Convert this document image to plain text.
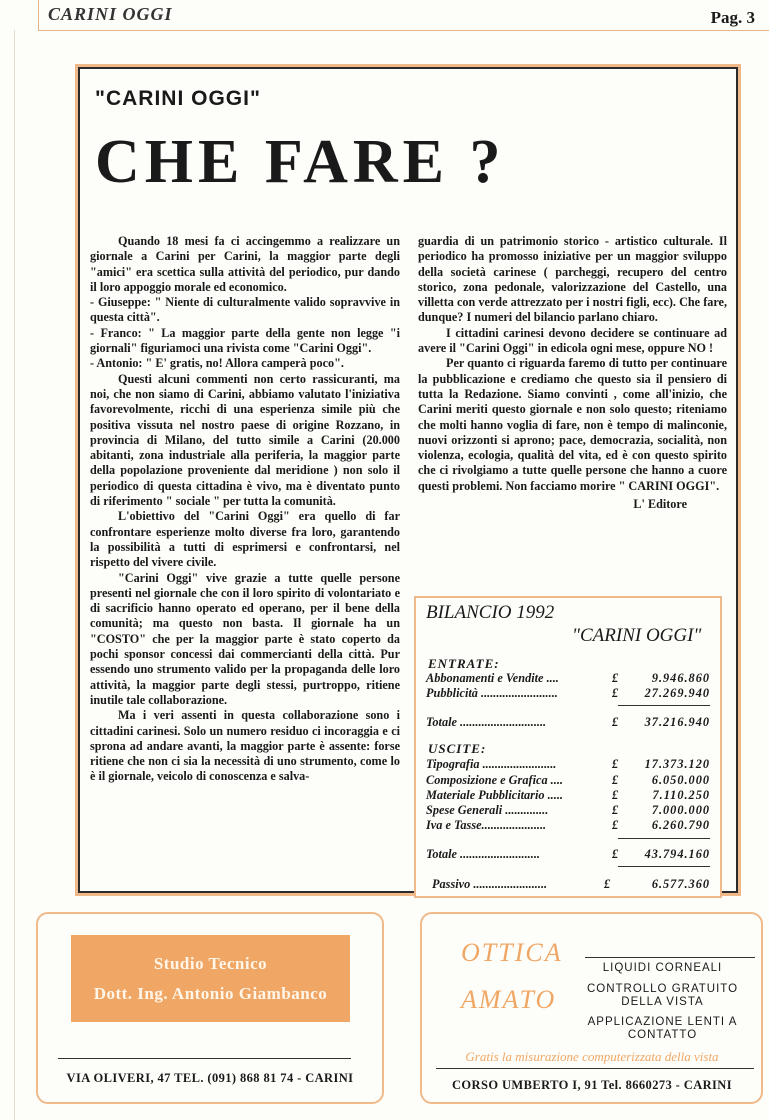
CARINI OGGI	Pag. 3
"CARINI OGGI"
CHE FARE ?

Quando 18 mesi fa ci accingemmo a realizzare un giornale a Carini per Carini, la maggior parte degli "amici" era scettica sulla attività del periodico, pur dando il loro appoggio morale ed economico.

- Giuseppe: " Niente di culturalmente valido sopravvive in questa città".

- Franco: " La maggior parte della gente non legge "i giornali" figuriamoci una rivista come "Carini Oggi".

- Antonio: " E' gratis, no! Allora camperà poco".

Questi alcuni commenti non certo rassicuranti, ma noi, che non siamo di Carini, abbiamo valutato l'iniziativa favorevolmente, ricchi di una esperienza simile più che positiva vissuta nel nostro paese di origine Rozzano, in provincia di Milano, del tutto simile a Carini (20.000 abitanti, zona industriale alla periferia, la maggior parte della popolazione proveniente dal meridione ) non solo il periodico di questa cittadina è vivo, ma è diventato punto di riferimento " sociale " per tutta la comunità.

L'obiettivo del "Carini Oggi" era quello di far confrontare esperienze molto diverse fra loro, garantendo la possibilità a tutti di esprimersi e confrontarsi, nel rispetto del vivere civile.

"Carini Oggi" vive grazie a tutte quelle persone presenti nel giornale che con il loro spirito di volontariato e di sacrificio hanno operato ed operano, per il bene della comunità; ma questo non basta. Il giornale ha un "COSTO" che per la maggior parte è stato coperto da pochi sponsor concessi dai commercianti della città. Pur essendo uno strumento valido per la propaganda delle loro attività, la maggior parte degli stessi, purtroppo, ritiene inutile tale collaborazione.

Ma i veri assenti in questa collaborazione sono i cittadini carinesi. Solo un numero residuo ci incoraggia e ci sprona ad andare avanti, la maggior parte è assente: forse ritiene che non ci sia la necessità di uno strumento, come lo è il giornale, veicolo di conoscenza e salva-

guardia di un patrimonio storico - artistico culturale. Il periodico ha promosso iniziative per un maggior sviluppo della società carinese ( parcheggi, recupero del centro storico, zona pedonale, valorizzazione del Castello, una villetta con verde attrezzato per i nostri figli, ecc). Che fare, dunque? I numeri del bilancio parlano chiaro.

I cittadini carinesi devono decidere se continuare ad avere il "Carini Oggi" in edicola ogni mese, oppure NO !

Per quanto ci riguarda faremo di tutto per continuare la pubblicazione e crediamo che questo sia il pensiero di tutta la Redazione. Siamo convinti , come all'inizio, che Carini meriti questo giornale e non solo questo; riteniamo che molti hanno voglia di fare, non è tempo di malinconie, nuovi orizzonti si aprono; pace, democrazia, socialità, non violenza, ecologia, qualità del vita, ed è con questo spirito che ci rivolgiamo a tutte quelle persone che hanno a cuore questi problemi. Non facciamo morire " CARINI OGGI".

L' Editore

BILANCIO 1992
"CARINI OGGI"
ENTRATE:
Abbonamenti e Vendite ....	£	9.946.860
Pubblicità .........................	£ 27.269.940
Totale ............................	£ 37.216.940
USCITE:
Tipografia ........................	£ 17.373.120
Composizione e Grafica ....	£	6.050.000
Materiale Pubblicitario .....	£	7.110.250
Spese Generali ..............	£	7.000.000
Iva e Tasse.....................	£	6.260.790
Totale ..........................	£ 43.794.160
Passivo ........................	£	6.577.360
Studio Tecnico
Dott. Ing. Antonio Giambanco
VIA OLIVERI, 47 TEL. (091) 868 81 74 - CARINI
OTTICA
AMATO
LIQUIDI CORNEALI
CONTROLLO GRATUITO DELLA VISTA
APPLICAZIONE LENTI A CONTATTO
Gratis la misurazione computerizzata della vista
CORSO UMBERTO I, 91 Tel. 8660273 - CARINI
